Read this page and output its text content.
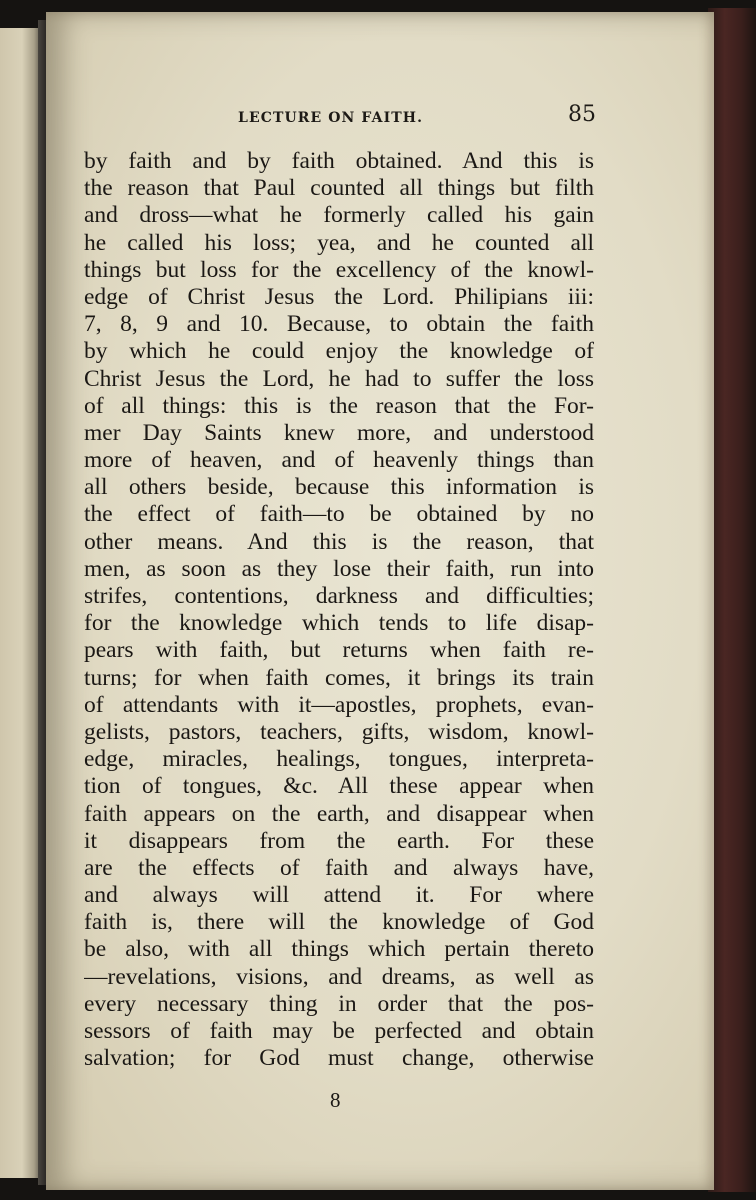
LECTURE ON FAITH.	85
by faith and by faith obtained. And this is
the reason that Paul counted all things but filth
and dross—what he formerly called his gain
he called his loss; yea, and he counted all
things but loss for the excellency of the knowl-
edge of Christ Jesus the Lord. Philipians iii:
7, 8, 9 and 10. Because, to obtain the faith
by which he could enjoy the knowledge of
Christ Jesus the Lord, he had to suffer the loss
of all things: this is the reason that the For-
mer Day Saints knew more, and understood
more of heaven, and of heavenly things than
all others beside, because this information is
the effect of faith—to be obtained by no
other means. And this is the reason, that
men, as soon as they lose their faith, run into
strifes, contentions, darkness and difficulties;
for the knowledge which tends to life disap-
pears with faith, but returns when faith re-
turns; for when faith comes, it brings its train
of attendants with it—apostles, prophets, evan-
gelists, pastors, teachers, gifts, wisdom, knowl-
edge, miracles, healings, tongues, interpreta-
tion of tongues, &c. All these appear when
faith appears on the earth, and disappear when
it disappears from the earth. For these
are the effects of faith and always have,
and always will attend it. For where
faith is, there will the knowledge of God
be also, with all things which pertain thereto
—revelations, visions, and dreams, as well as
every necessary thing in order that the pos-
sessors of faith may be perfected and obtain
salvation; for God must change, otherwise
8
